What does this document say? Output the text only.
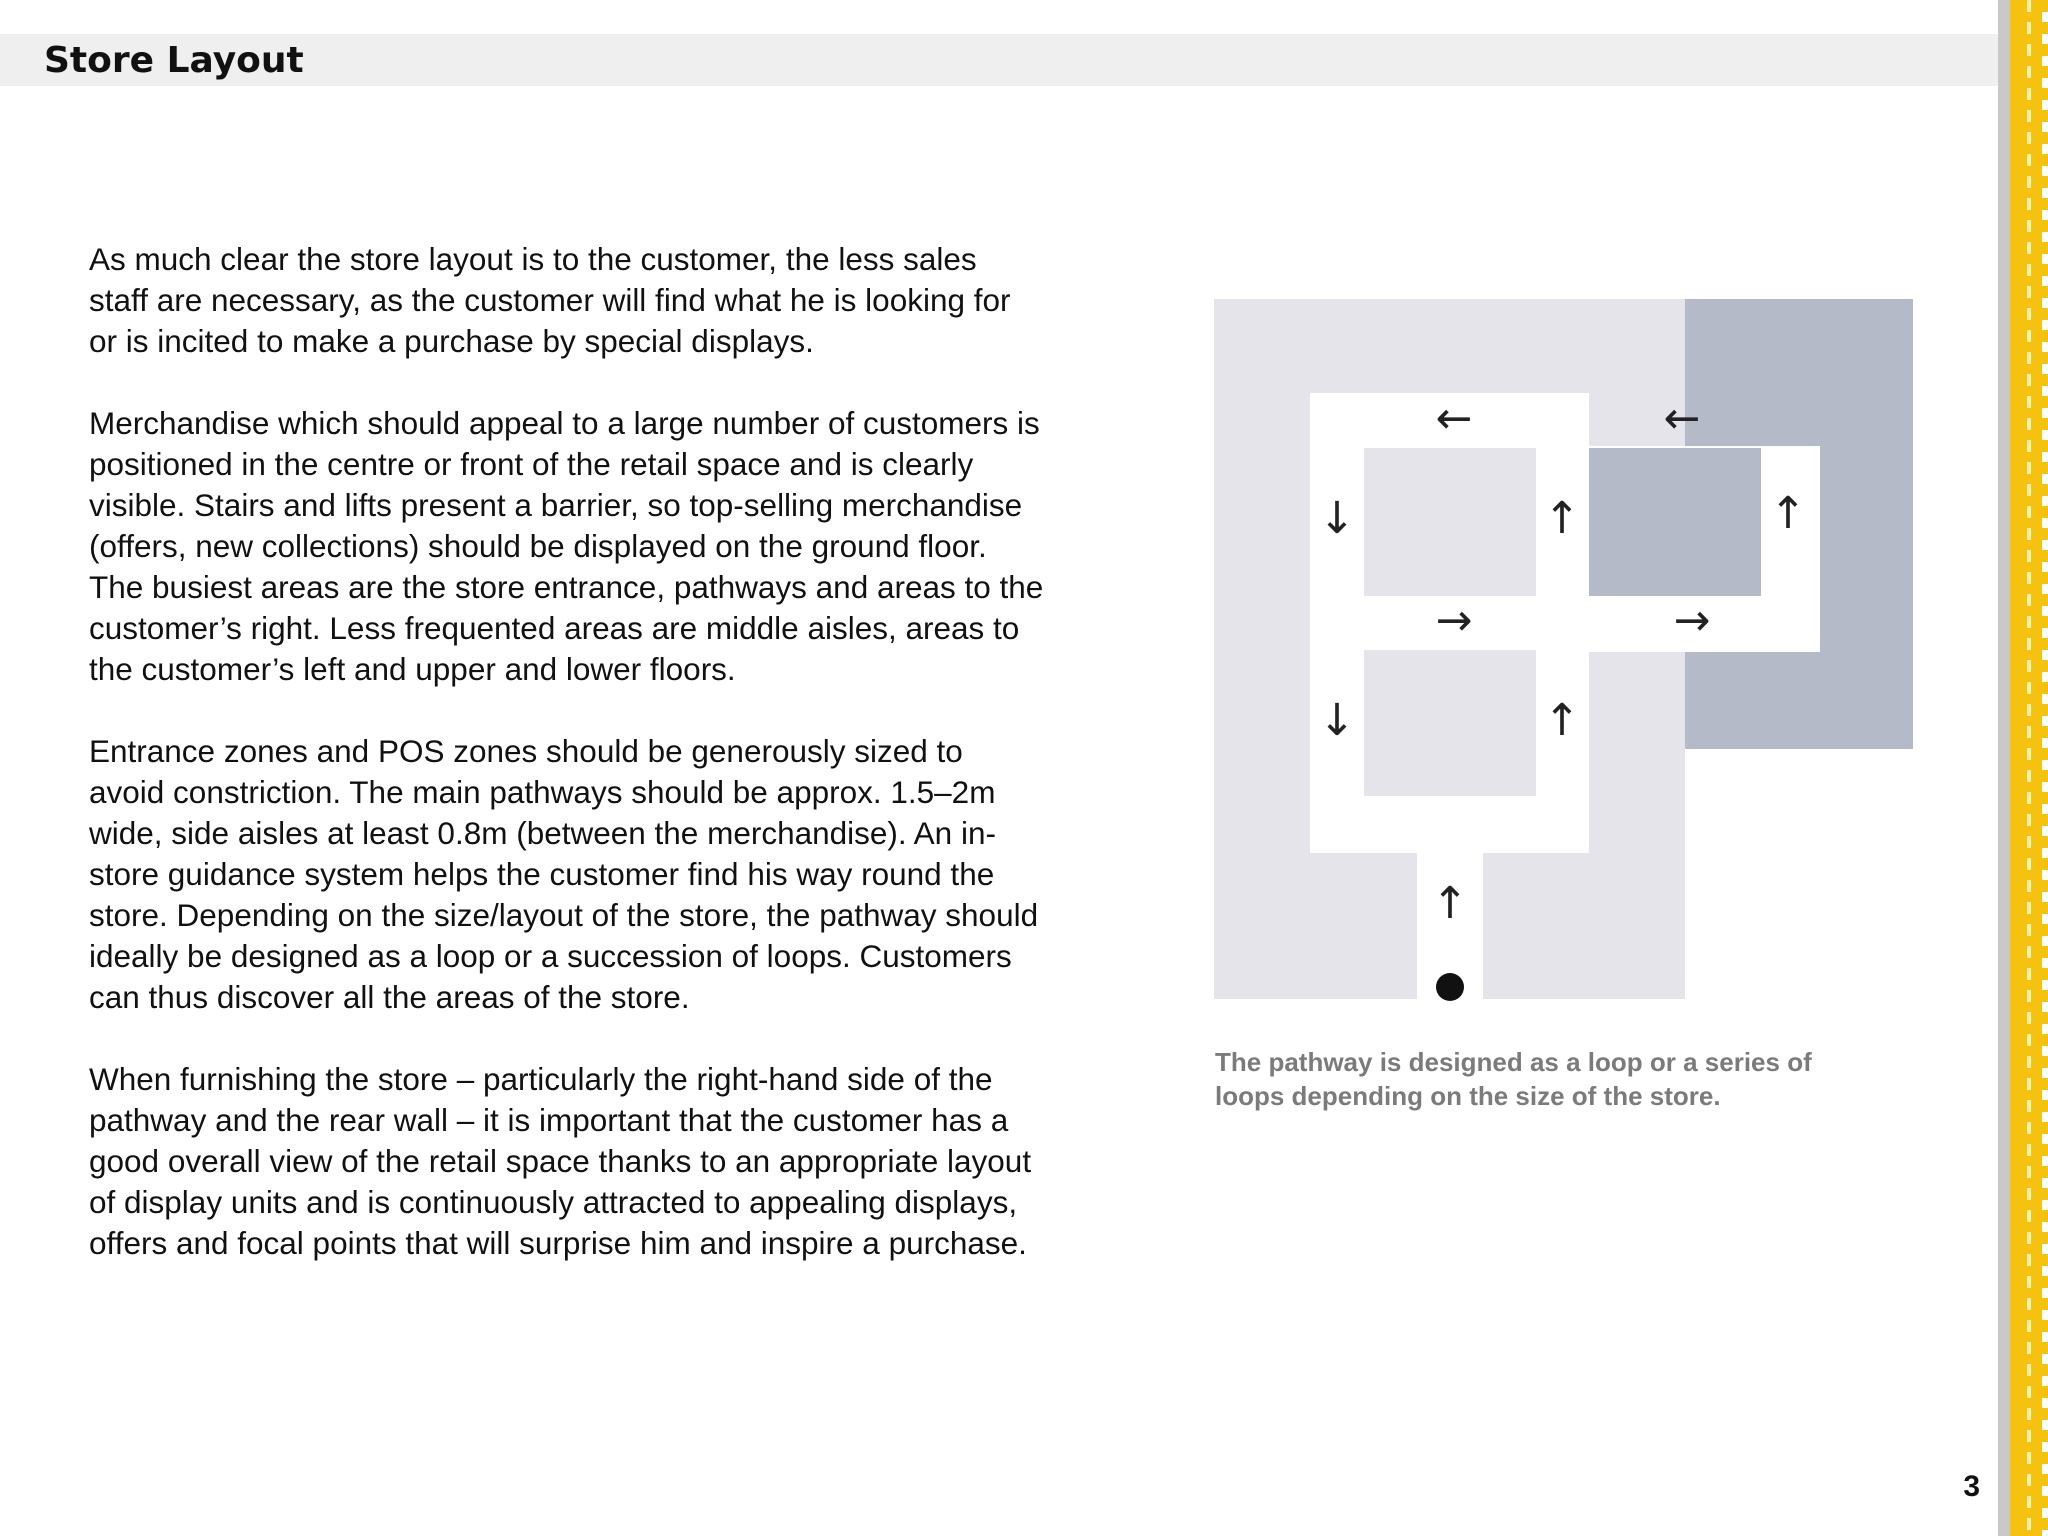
Store Layout

As much clear the store layout is to the customer, the less sales
staff are necessary, as the customer will find what he is looking for
or is incited to make a purchase by special displays.

Merchandise which should appeal to a large number of customers is
positioned in the centre or front of the retail space and is clearly
visible. Stairs and lifts present a barrier, so top-selling merchandise
(offers, new collections) should be displayed on the ground floor.
The busiest areas are the store entrance, pathways and areas to the
customer’s right. Less frequented areas are middle aisles, areas to
the customer’s left and upper and lower floors.

Entrance zones and POS zones should be generously sized to
avoid constriction. The main pathways should be approx. 1.5–2m
wide, side aisles at least 0.8m (between the merchandise). An in-
store guidance system helps the customer find his way round the
store. Depending on the size/layout of the store, the pathway should
ideally be designed as a loop or a succession of loops. Customers
can thus discover all the areas of the store.

When furnishing the store – particularly the right-hand side of the
pathway and the rear wall – it is important that the customer has a
good overall view of the retail space thanks to an appropriate layout
of display units and is continuously attracted to appealing displays,
offers and focal points that will surprise him and inspire a purchase.

←	←
↓	↑	↑
→	→
↓	↑
↑

The pathway is designed as a loop or a series of
loops depending on the size of the store.

3
